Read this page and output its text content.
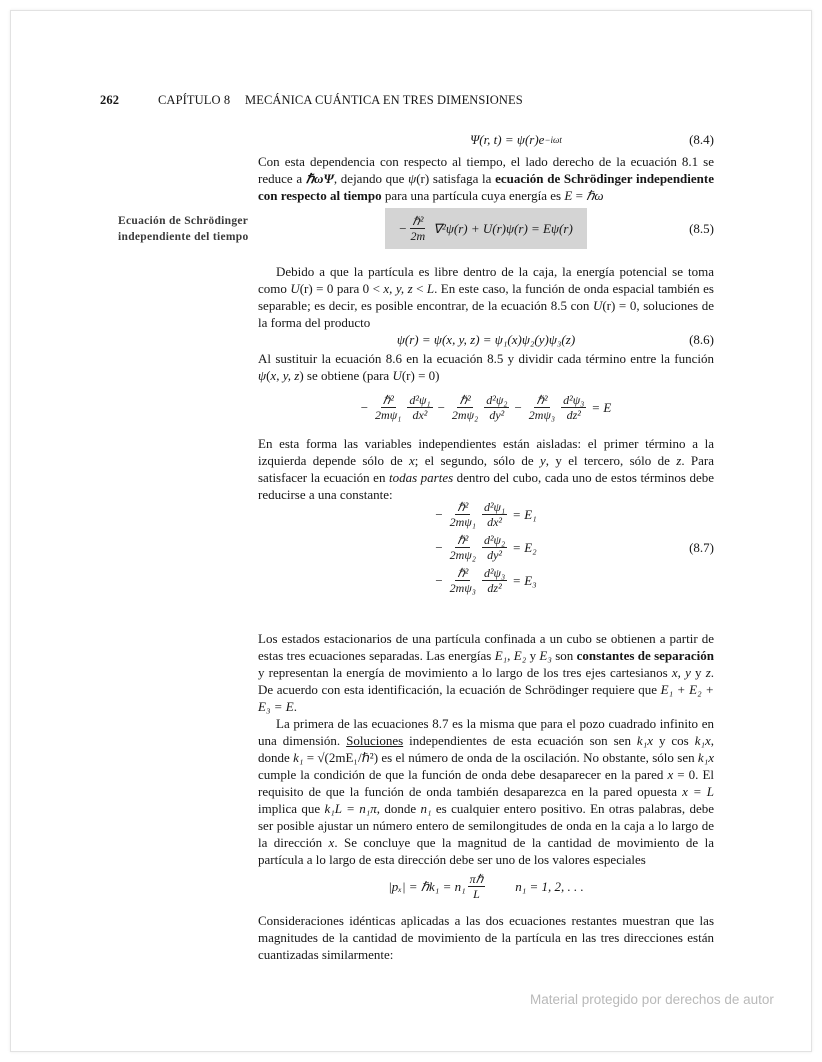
262	CAPÍTULO 8 MECÁNICA CUÁNTICA EN TRES DIMENSIONES
Ψ(r, t) = ψ(r)e −iωt	(8.4)

Con esta dependencia con respecto al tiempo, el lado derecho de la ecuación 8.1 se reduce a ℏωΨ, dejando que ψ(r) satisfaga la ecuación de Schrödinger independiente con respecto al tiempo para una partícula cuya energía es E = ℏω

Ecuación de Schrödinger
independiente del tiempo
− $\frac{\text{ℏ²}}{2m} \nabla^2\psi(r) + U(r)\psi(r) = E\psi(r)$	(8.5)

Debido a que la partícula es libre dentro de la caja, la energía potencial se toma como U(r) = 0 para 0 < x, y, z < L. En este caso, la función de onda espacial también es separable; es decir, es posible encontrar, de la ecuación 8.5 con U(r) = 0, soluciones de la forma del producto

ψ(r) = ψ(x, y, z) = ψ₁(x)ψ₂(y)ψ₃(z)	(8.6)

Al sustituir la ecuación 8.6 en la ecuación 8.5 y dividir cada término entre la función ψ(x, y, z) se obtiene (para U(r) = 0)

− $\frac{\text{ℏ²}}{\text{2mψ₁}} \frac{\text{d²ψ₁}}{\text{dx²}} - \frac{\text{ℏ²}}{\text{2mψ₂}} \frac{\text{d²ψ₂}}{\text{dy²}} - \frac{\text{ℏ²}}{\text{2mψ₃}} \frac{\text{d²ψ₃}}{\text{dz²}} = E$

En esta forma las variables independientes están aisladas: el primer término a la izquierda depende sólo de x; el segundo, sólo de y, y el tercero, sólo de z. Para satisfacer la ecuación en todas partes dentro del cubo, cada uno de estos términos debe reducirse a una constante:

− $\frac{\text{ℏ²}}{\text{2mψ₁}} \frac{\text{d²ψ₁}}{\text{dx²}} = E_1$
− $\frac{\text{ℏ²}}{\text{2mψ₂}} \frac{\text{d²ψ₂}}{\text{dy²}} = E_2$
− $\frac{\text{ℏ²}}{\text{2mψ₃}} \frac{\text{d²ψ₃}}{\text{dz²}} = E_3$
(8.7)

Los estados estacionarios de una partícula confinada a un cubo se obtienen a partir de estas tres ecuaciones separadas. Las energías E₁, E₂ y E₃ son constantes de separación y representan la energía de movimiento a lo largo de los tres ejes cartesianos x, y y z. De acuerdo con esta identificación, la ecuación de Schrödinger requiere que E₁ + E₂ + E₃ = E.

La primera de las ecuaciones 8.7 es la misma que para el pozo cuadrado infinito en una dimensión. Soluciones independientes de esta ecuación son sen k₁x y cos k₁x, donde k₁ = √(2mE₁/ℏ²) es el número de onda de la oscilación. No obstante, sólo sen k₁x cumple la condición de que la función de onda debe desaparecer en la pared x = 0. El requisito de que la función de onda también desaparezca en la pared opuesta x = L implica que k₁L = n₁π, donde n₁ es cualquier entero positivo. En otras palabras, debe ser posible ajustar un número entero de semilongitudes de onda en la caja a lo largo de la dirección x. Se concluye que la magnitud de la cantidad de movimiento de la partícula a lo largo de esta dirección debe ser uno de los valores especiales

|pₓ| = ℏk₁ = $n_1 \frac{\text{πℏ}}{L} n_1 = 1$, 2, . . .

Consideraciones idénticas aplicadas a las dos ecuaciones restantes muestran que las magnitudes de la cantidad de movimiento de la partícula en las tres direcciones están cuantizadas similarmente:

Material protegido por derechos de autor
